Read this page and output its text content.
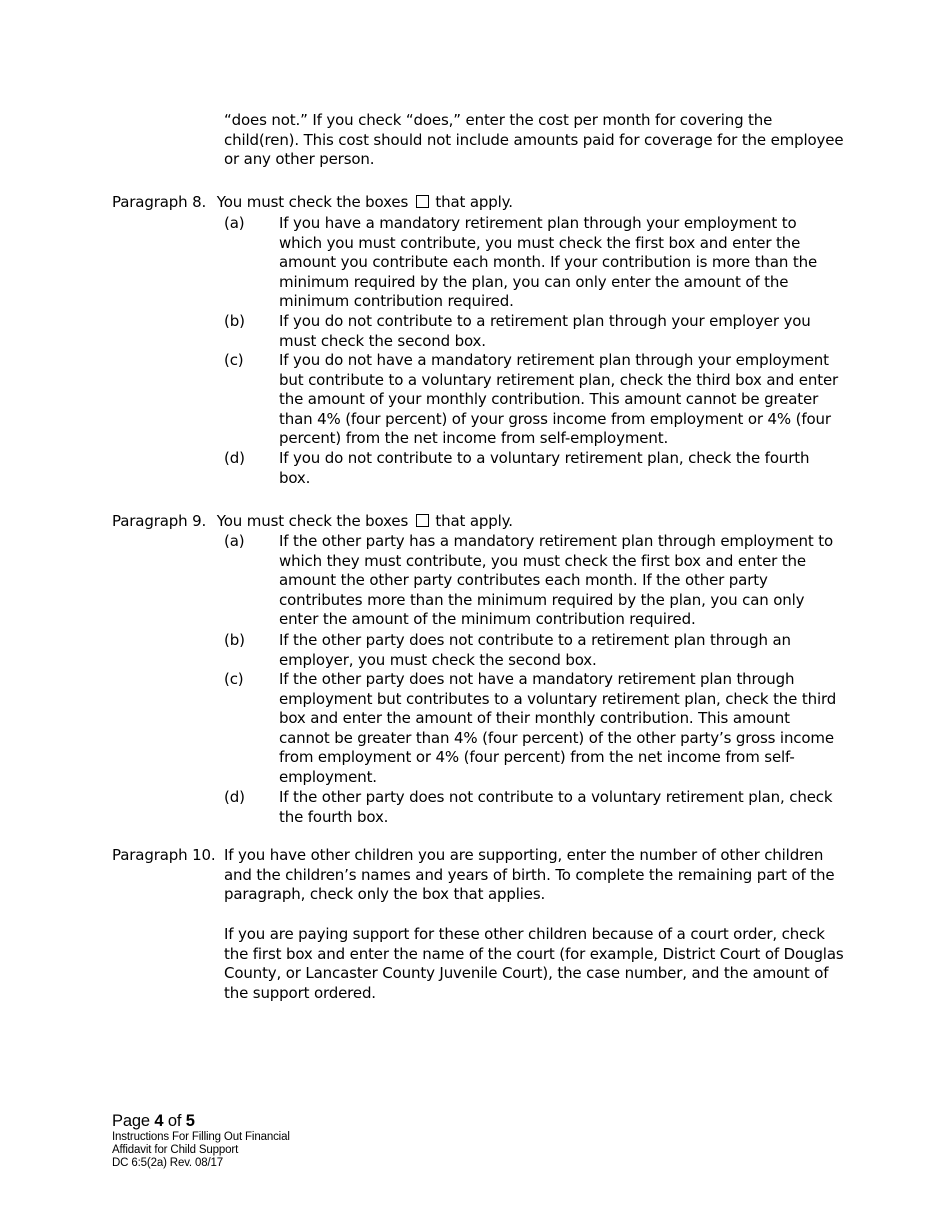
“does not.” If you check “does,” enter the cost per month for covering the child(ren). This cost should not include amounts paid for coverage for the employee or any other person.
Paragraph 8. You must check the boxes that apply.
(a)	If you have a mandatory retirement plan through your employment to which you must contribute, you must check the first box and enter the amount you contribute each month. If your contribution is more than the minimum required by the plan, you can only enter the amount of the minimum contribution required.
(b)	If you do not contribute to a retirement plan through your employer you must check the second box.
(c)	If you do not have a mandatory retirement plan through your employment but contribute to a voluntary retirement plan, check the third box and enter the amount of your monthly contribution. This amount cannot be greater than 4% (four percent) of your gross income from employment or 4% (four percent) from the net income from self-employment.
(d)	If you do not contribute to a voluntary retirement plan, check the fourth box.
Paragraph 9. You must check the boxes that apply.
(a)	If the other party has a mandatory retirement plan through employment to which they must contribute, you must check the first box and enter the amount the other party contributes each month. If the other party contributes more than the minimum required by the plan, you can only enter the amount of the minimum contribution required.
(b)	If the other party does not contribute to a retirement plan through an employer, you must check the second box.
(c)	If the other party does not have a mandatory retirement plan through employment but contributes to a voluntary retirement plan, check the third box and enter the amount of their monthly contribution. This amount cannot be greater than 4% (four percent) of the other party’s gross income from employment or 4% (four percent) from the net income from self-employment.
(d)	If the other party does not contribute to a voluntary retirement plan, check the fourth box.
Paragraph 10. If you have other children you are supporting, enter the number of other children and the children’s names and years of birth. To complete the remaining part of the paragraph, check only the box that applies.
If you are paying support for these other children because of a court order, check the first box and enter the name of the court (for example, District Court of Douglas County, or Lancaster County Juvenile Court), the case number, and the amount of the support ordered.
Page 4 of 5
Instructions For Filling Out Financial
Affidavit for Child Support
DC 6:5(2a) Rev. 08/17
